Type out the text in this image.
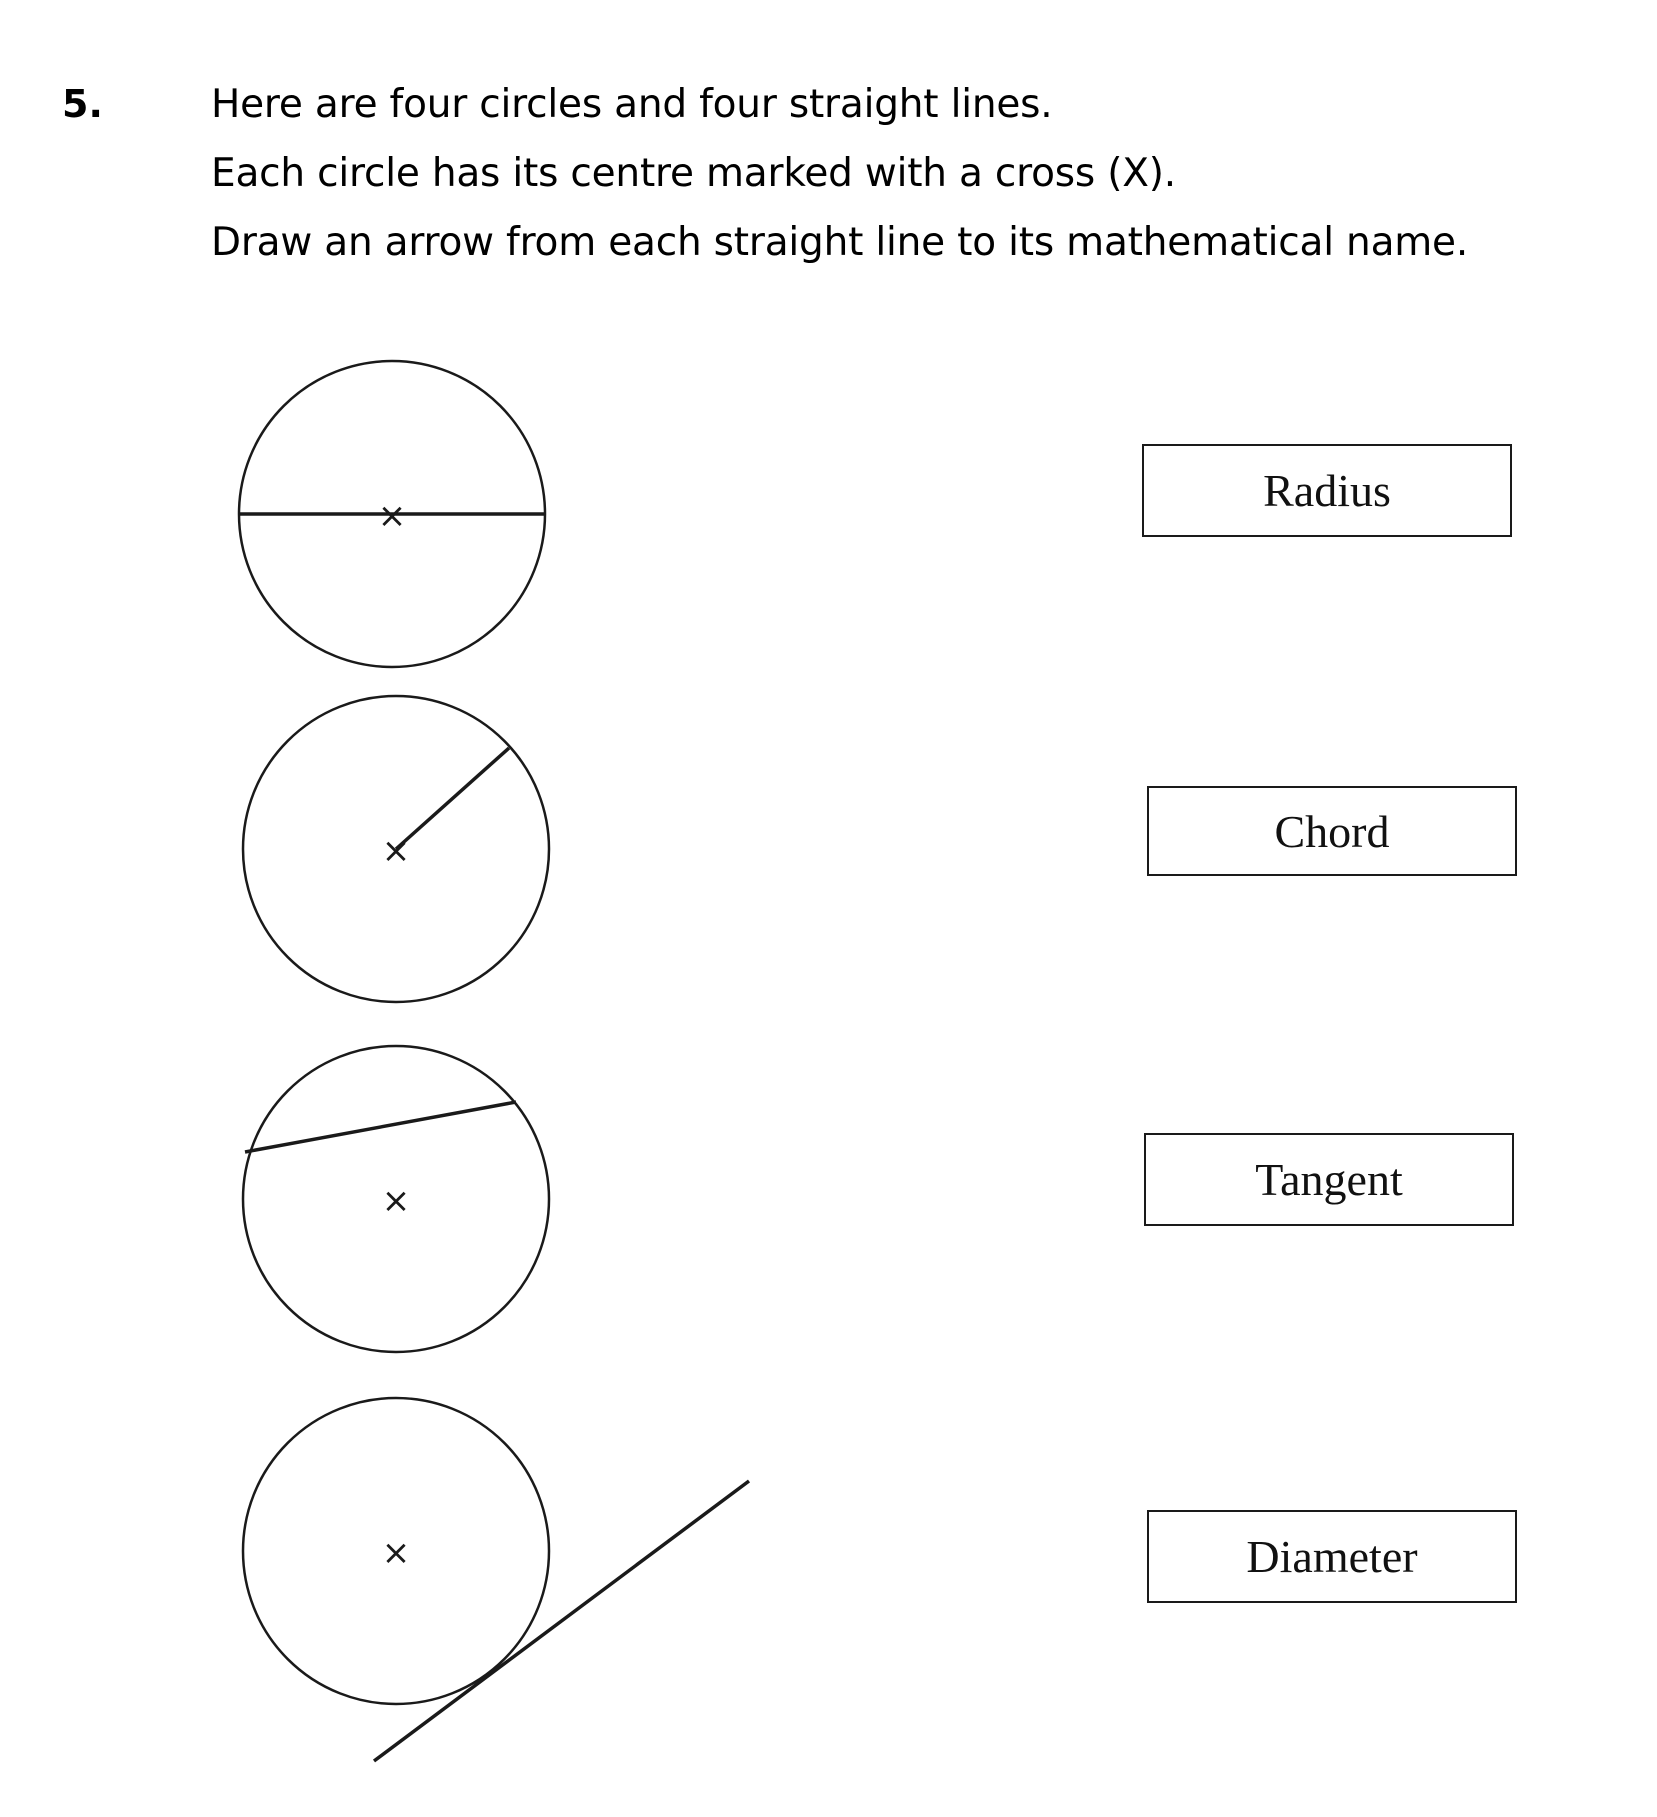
5.	Here are four circles and four straight lines.
Each circle has its centre marked with a cross (X).
Draw an arrow from each straight line to its mathematical name.
×
×
×
×
Radius
Chord
Tangent
Diameter
